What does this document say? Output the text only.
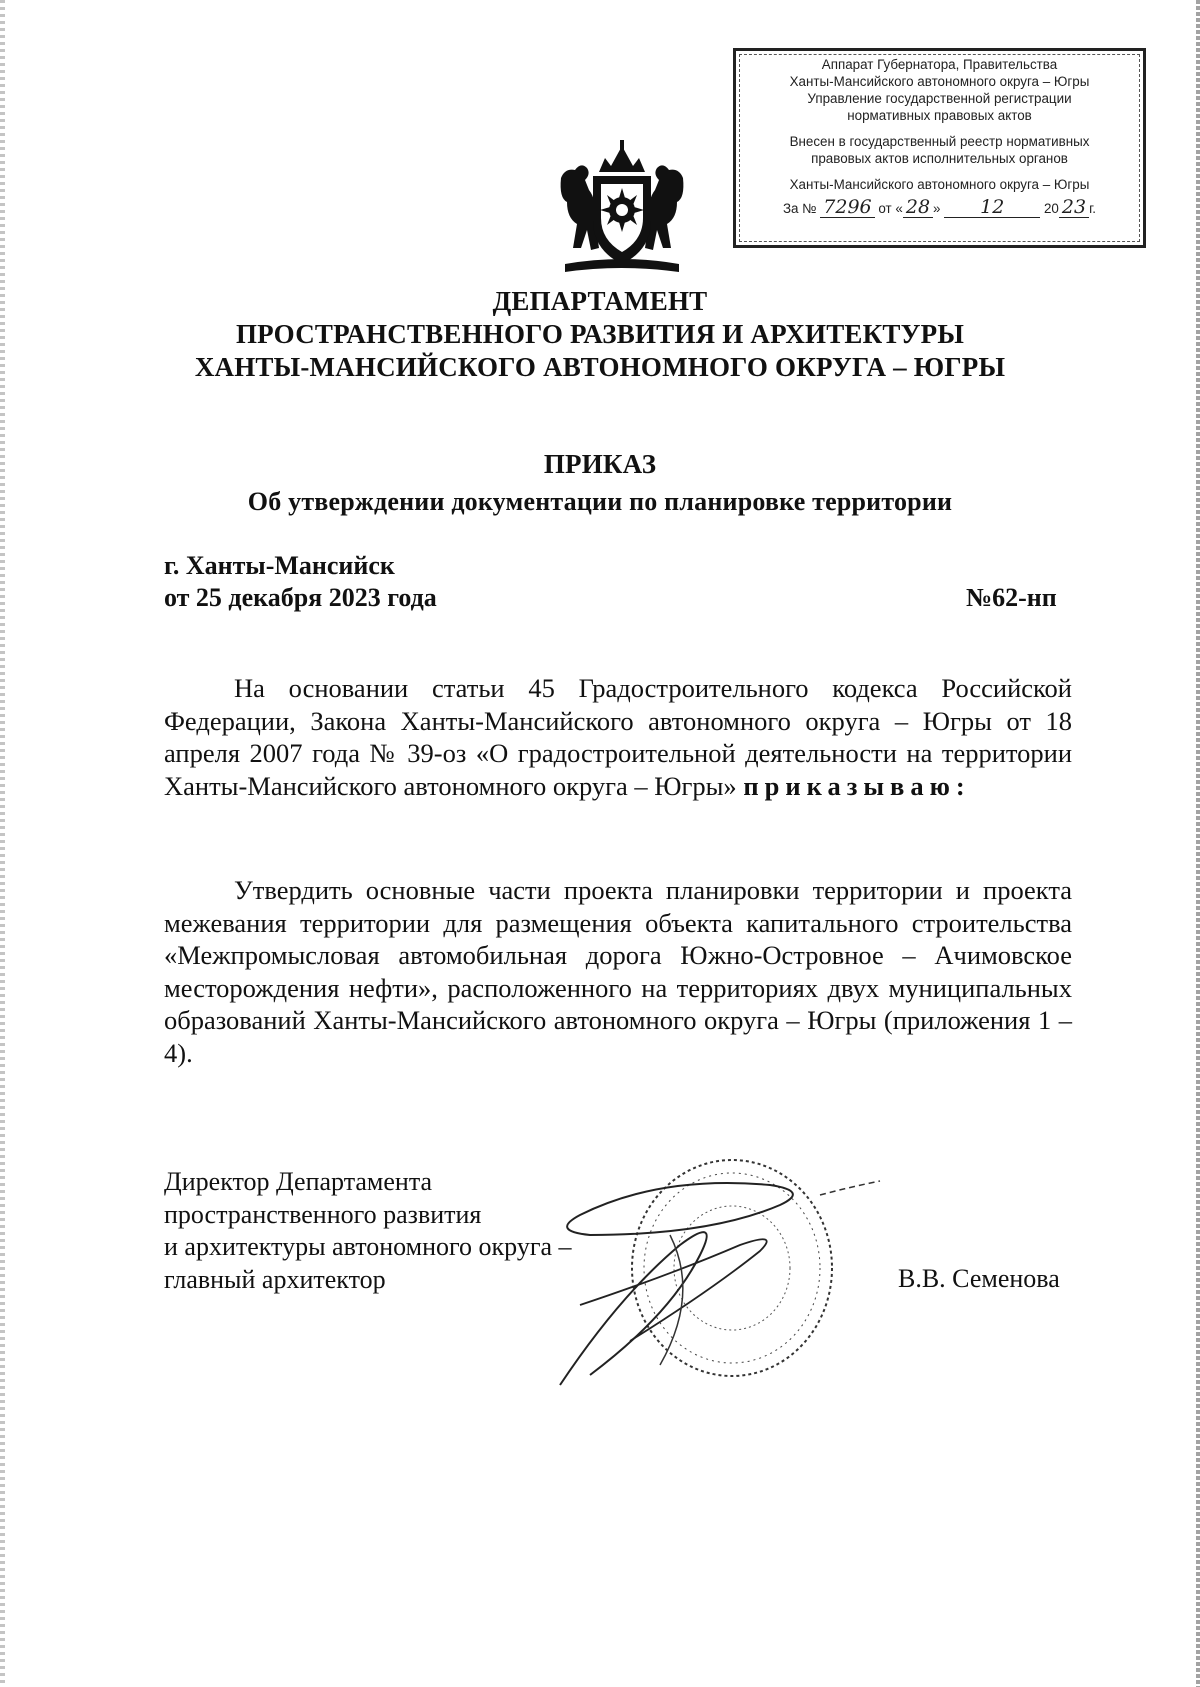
Аппарат Губернатора, Правительства
Ханты-Мансийского автономного округа – Югры
Управление государственной регистрации
нормативных правовых актов
Внесен в государственный реестр нормативных
правовых актов исполнительных органов
Ханты-Мансийского автономного округа – Югры
За № 7296 от « 28 » 12	20 23 г.
ДЕПАРТАМЕНТ
ПРОСТРАНСТВЕННОГО РАЗВИТИЯ И АРХИТЕКТУРЫ
ХАНТЫ-МАНСИЙСКОГО АВТОНОМНОГО ОКРУГА – ЮГРЫ
ПРИКАЗ
Об утверждении документации по планировке территории
г. Ханты-Мансийск
от 25 декабря 2023 года	№62-нп
На основании статьи 45 Градостроительного кодекса Российской Федерации, Закона Ханты-Мансийского автономного округа – Югры от 18 апреля 2007 года № 39-оз «О градостроительной деятельности на территории Ханты-Мансийского автономного округа – Югры» приказываю:
Утвердить основные части проекта планировки территории и проекта межевания территории для размещения объекта капитального строительства «Межпромысловая автомобильная дорога Южно-Островное – Ачимовское месторождения нефти», расположенного на территориях двух муниципальных образований Ханты-Мансийского автономного округа – Югры (приложения 1 – 4).
Директор Департамента
пространственного развития
и архитектуры автономного округа –
главный архитектор	В.В. Семенова
